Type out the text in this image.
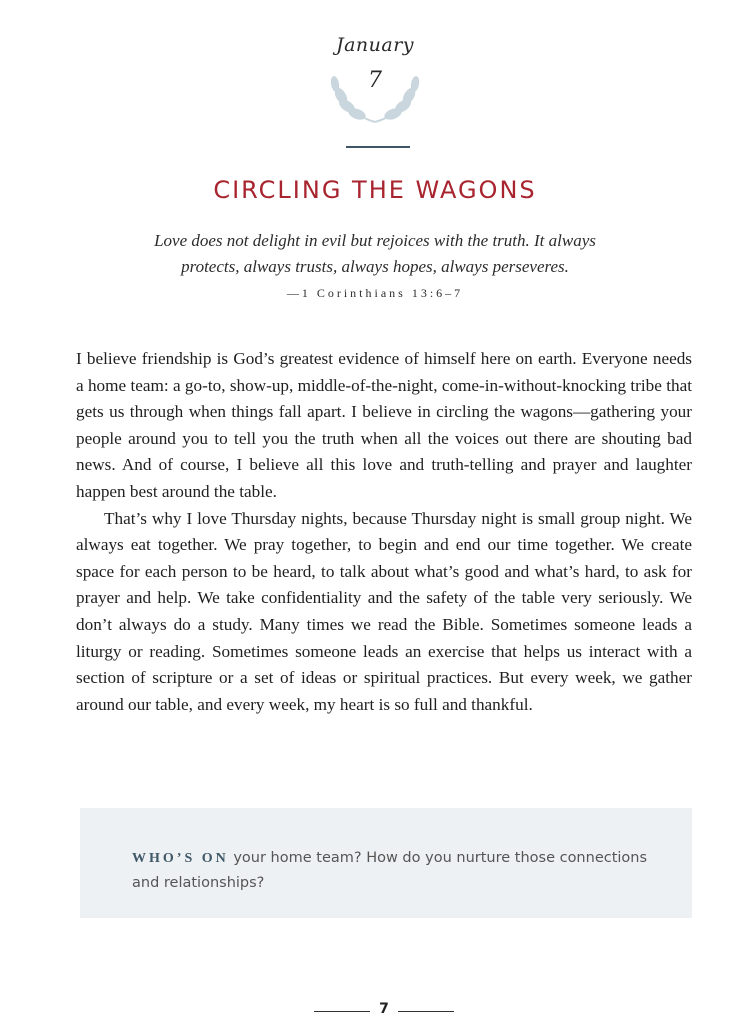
January
7
CIRCLING THE WAGONS
Love does not delight in evil but rejoices with the truth. It always
protects, always trusts, always hopes, always perseveres.
—1 Corinthians 13:6–7

I believe friendship is God’s greatest evidence of himself here on earth. Everyone needs a home team: a go-to, show-up, middle-of-the-night, come-in-without-knocking tribe that gets us through when things fall apart. I believe in circling the wagons—gathering your people around you to tell you the truth when all the voices out there are shouting bad news. And of course, I believe all this love and truth-telling and prayer and laughter happen best around the table.

That’s why I love Thursday nights, because Thursday night is small group night. We always eat together. We pray together, to begin and end our time together. We create space for each person to be heard, to talk about what’s good and what’s hard, to ask for prayer and help. We take confidentiality and the safety of the table very seriously. We don’t always do a study. Many times we read the Bible. Sometimes someone leads a liturgy or reading. Sometimes someone leads an exercise that helps us interact with a section of scripture or a set of ideas or spiritual practices. But every week, we gather around our table, and every week, my heart is so full and thankful.

WHO’S ON your home team? How do you nurture those connections and relationships?

7
